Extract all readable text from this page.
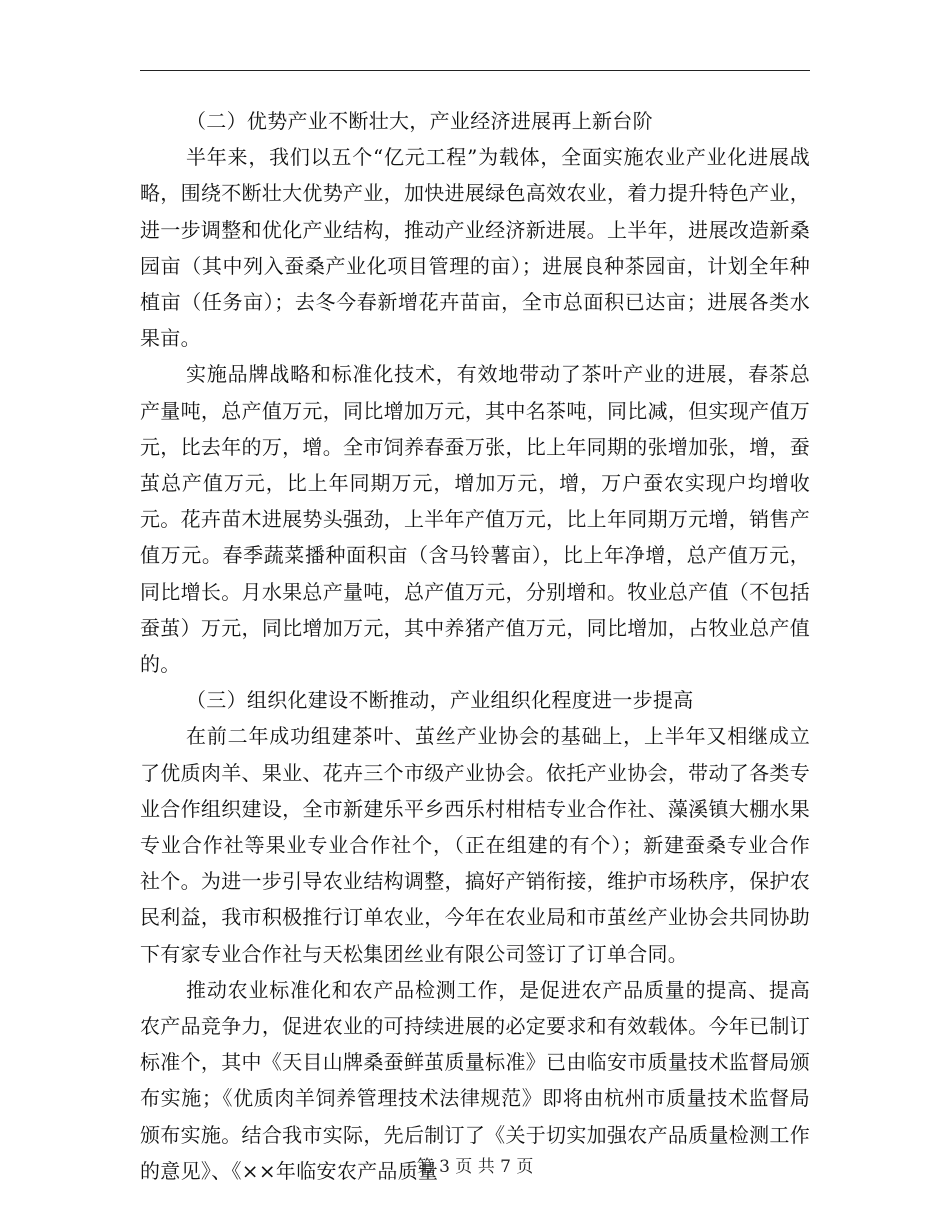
（二）优势产业不断壮大，产业经济进展再上新台阶

半年来，我们以五个“亿元工程”为载体，全面实施农业产业化进展战略，围绕不断壮大优势产业，加快进展绿色高效农业，着力提升特色产业，进一步调整和优化产业结构，推动产业经济新进展。上半年，进展改造新桑园亩（其中列入蚕桑产业化项目管理的亩）；进展良种茶园亩，计划全年种植亩（任务亩）；去冬今春新增花卉苗亩，全市总面积已达亩；进展各类水果亩。

实施品牌战略和标准化技术，有效地带动了茶叶产业的进展，春茶总产量吨，总产值万元，同比增加万元，其中名茶吨，同比减，但实现产值万元，比去年的万，增。全市饲养春蚕万张，比上年同期的张增加张，增，蚕茧总产值万元，比上年同期万元，增加万元，增，万户蚕农实现户均增收元。花卉苗木进展势头强劲，上半年产值万元，比上年同期万元增，销售产值万元。春季蔬菜播种面积亩（含马铃薯亩），比上年净增，总产值万元，同比增长。月水果总产量吨，总产值万元，分别增和。牧业总产值（不包括蚕茧）万元，同比增加万元，其中养猪产值万元，同比增加，占牧业总产值的。

（三）组织化建设不断推动，产业组织化程度进一步提高

在前二年成功组建茶叶、茧丝产业协会的基础上，上半年又相继成立了优质肉羊、果业、花卉三个市级产业协会。依托产业协会，带动了各类专业合作组织建设，全市新建乐平乡西乐村柑桔专业合作社、藻溪镇大棚水果专业合作社等果业专业合作社个，（正在组建的有个）；新建蚕桑专业合作社个。为进一步引导农业结构调整，搞好产销衔接，维护市场秩序，保护农民利益，我市积极推行订单农业，今年在农业局和市茧丝产业协会共同协助下有家专业合作社与天松集团丝业有限公司签订了订单合同。

推动农业标准化和农产品检测工作，是促进农产品质量的提高、提高农产品竞争力，促进农业的可持续进展的必定要求和有效载体。今年已制订标准个，其中《天目山牌桑蚕鲜茧质量标准》已由临安市质量技术监督局颁布实施；《优质肉羊饲养管理技术法律规范》即将由杭州市质量技术监督局颁布实施。结合我市实际，先后制订了《关于切实加强农产品质量检测工作的意见》、《××年临安农产品质量

第 3 页 共 7 页
